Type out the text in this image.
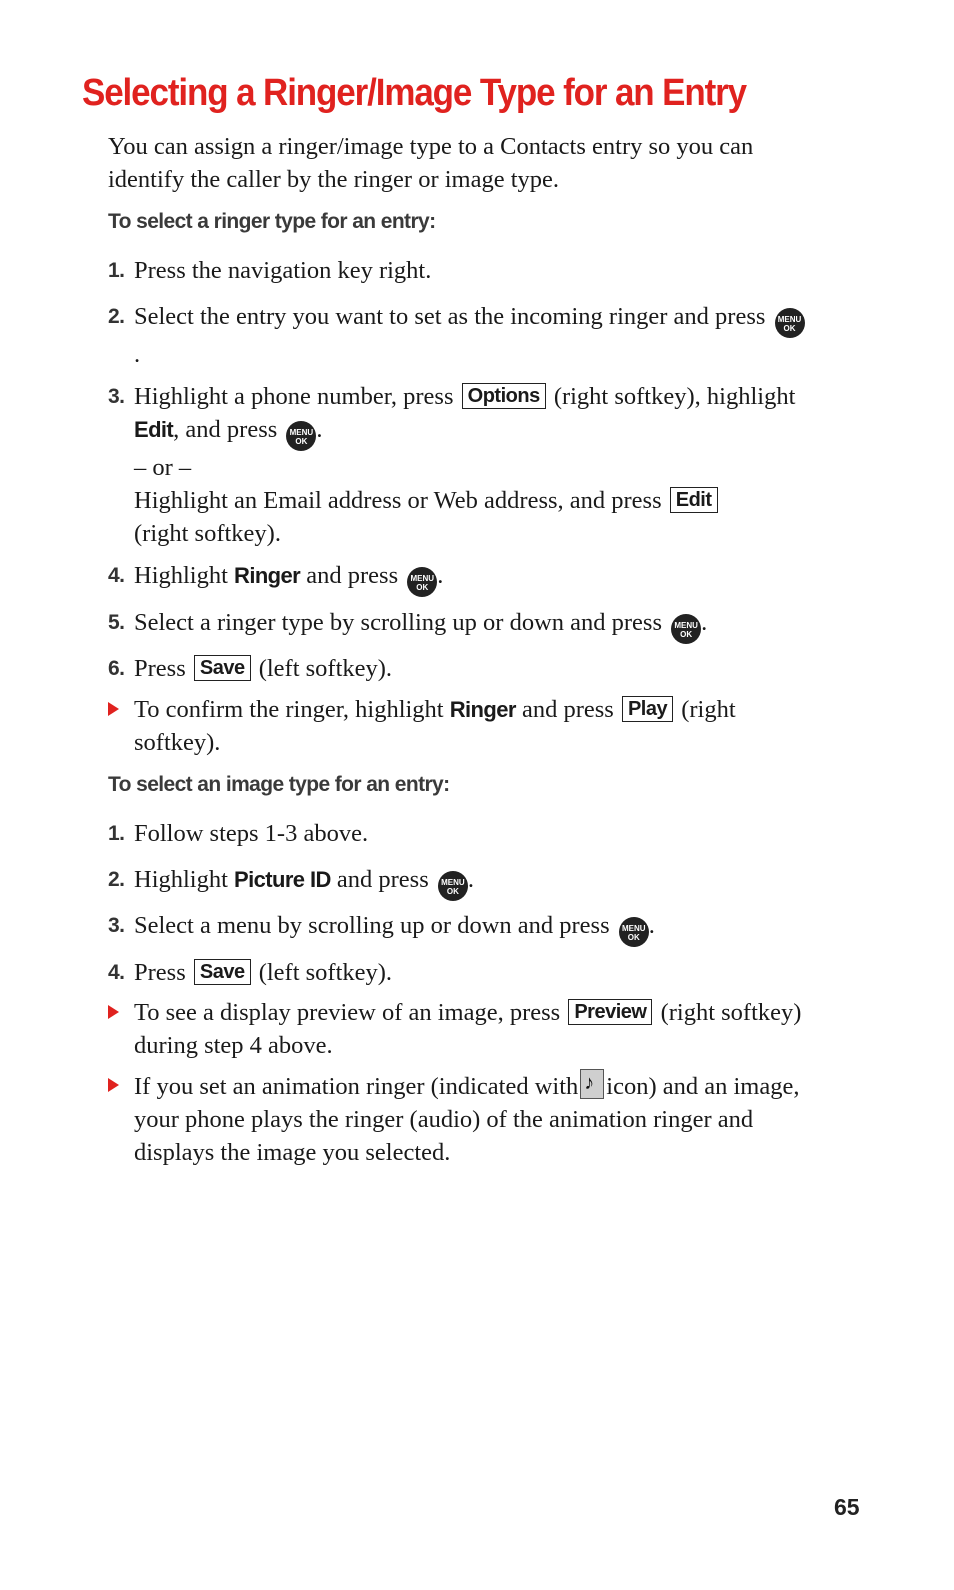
Selecting a Ringer/Image Type for an Entry

You can assign a ringer/image type to a Contacts entry so you can identify the caller by the ringer or image type.

To select a ringer type for an entry:

1. Press the navigation key right.
2. Select the entry you want to set as the incoming ringer and press	MENU
OK
.
3. Highlight a phone number, press Options (right softkey), highlight Edit, and press	MENU
OK .
– or –
Highlight an Email address or Web address, and press Edit
(right softkey).
4. Highlight Ringer and press	MENU
OK .
5. Select a ringer type by scrolling up or down and press	MENU
OK .
6. Press Save (left softkey).
To confirm the ringer, highlight Ringer and press Play (right softkey).

To select an image type for an entry:

1. Follow steps 1-3 above.
2. Highlight Picture ID and press	MENU
OK .
3. Select a menu by scrolling up or down and press	MENU
OK .
4. Press Save (left softkey).
To see a display preview of an image, press Preview (right softkey) during step 4 above.
If you set an animation ringer (indicated with♪ icon) and an image, your phone plays the ringer (audio) of the animation ringer and displays the image you selected.
65
